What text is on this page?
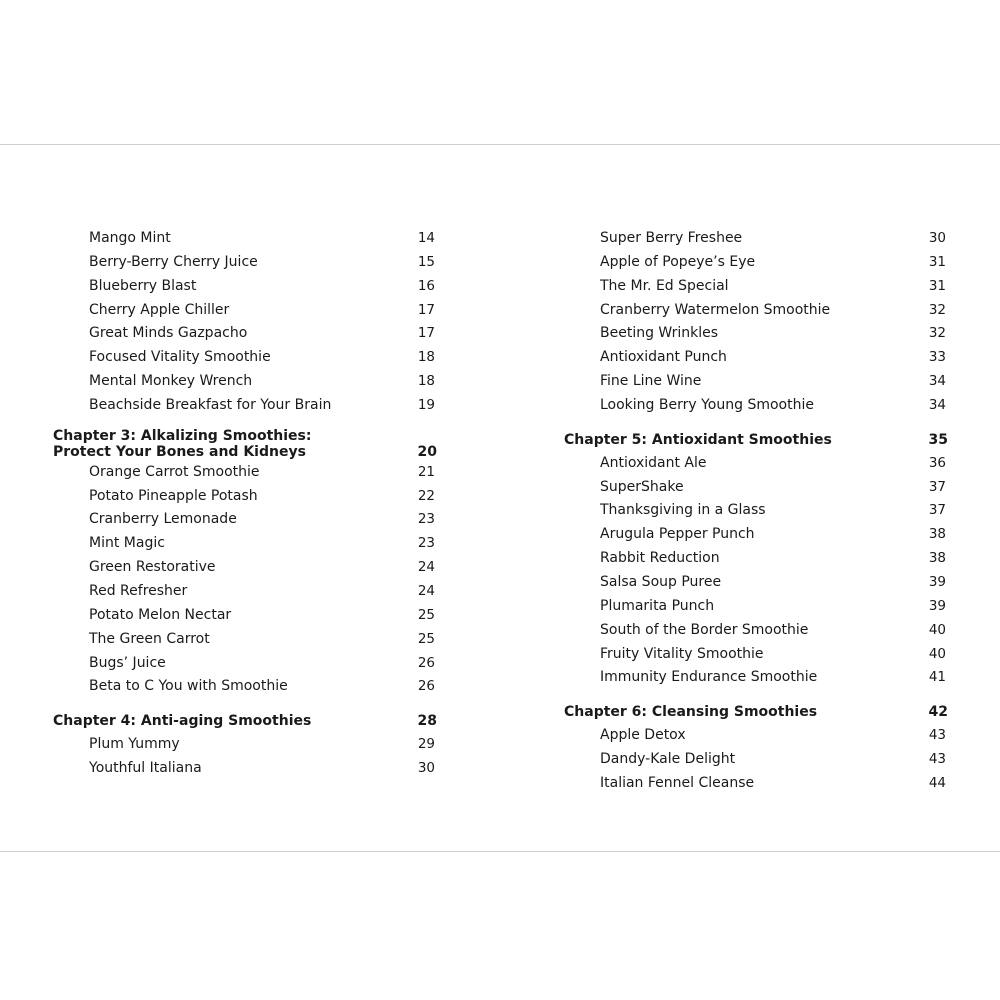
Mango Mint	14
Berry-Berry Cherry Juice	15
Blueberry Blast	16
Cherry Apple Chiller	17
Great Minds Gazpacho	17
Focused Vitality Smoothie	18
Mental Monkey Wrench	18
Beachside Breakfast for Your Brain	19
Chapter 3: Alkalizing Smoothies:
Protect Your Bones and Kidneys	20
Orange Carrot Smoothie	21
Potato Pineapple Potash	22
Cranberry Lemonade	23
Mint Magic	23
Green Restorative	24
Red Refresher	24
Potato Melon Nectar	25
The Green Carrot	25
Bugs’ Juice	26
Beta to C You with Smoothie	26
Chapter 4: Anti-aging Smoothies	28
Plum Yummy	29
Youthful Italiana	30
Super Berry Freshee	30
Apple of Popeye’s Eye	31
The Mr. Ed Special	31
Cranberry Watermelon Smoothie	32
Beeting Wrinkles	32
Antioxidant Punch	33
Fine Line Wine	34
Looking Berry Young Smoothie	34
Chapter 5: Antioxidant Smoothies	35
Antioxidant Ale	36
SuperShake	37
Thanksgiving in a Glass	37
Arugula Pepper Punch	38
Rabbit Reduction	38
Salsa Soup Puree	39
Plumarita Punch	39
South of the Border Smoothie	40
Fruity Vitality Smoothie	40
Immunity Endurance Smoothie	41
Chapter 6: Cleansing Smoothies	42
Apple Detox	43
Dandy-Kale Delight	43
Italian Fennel Cleanse	44
